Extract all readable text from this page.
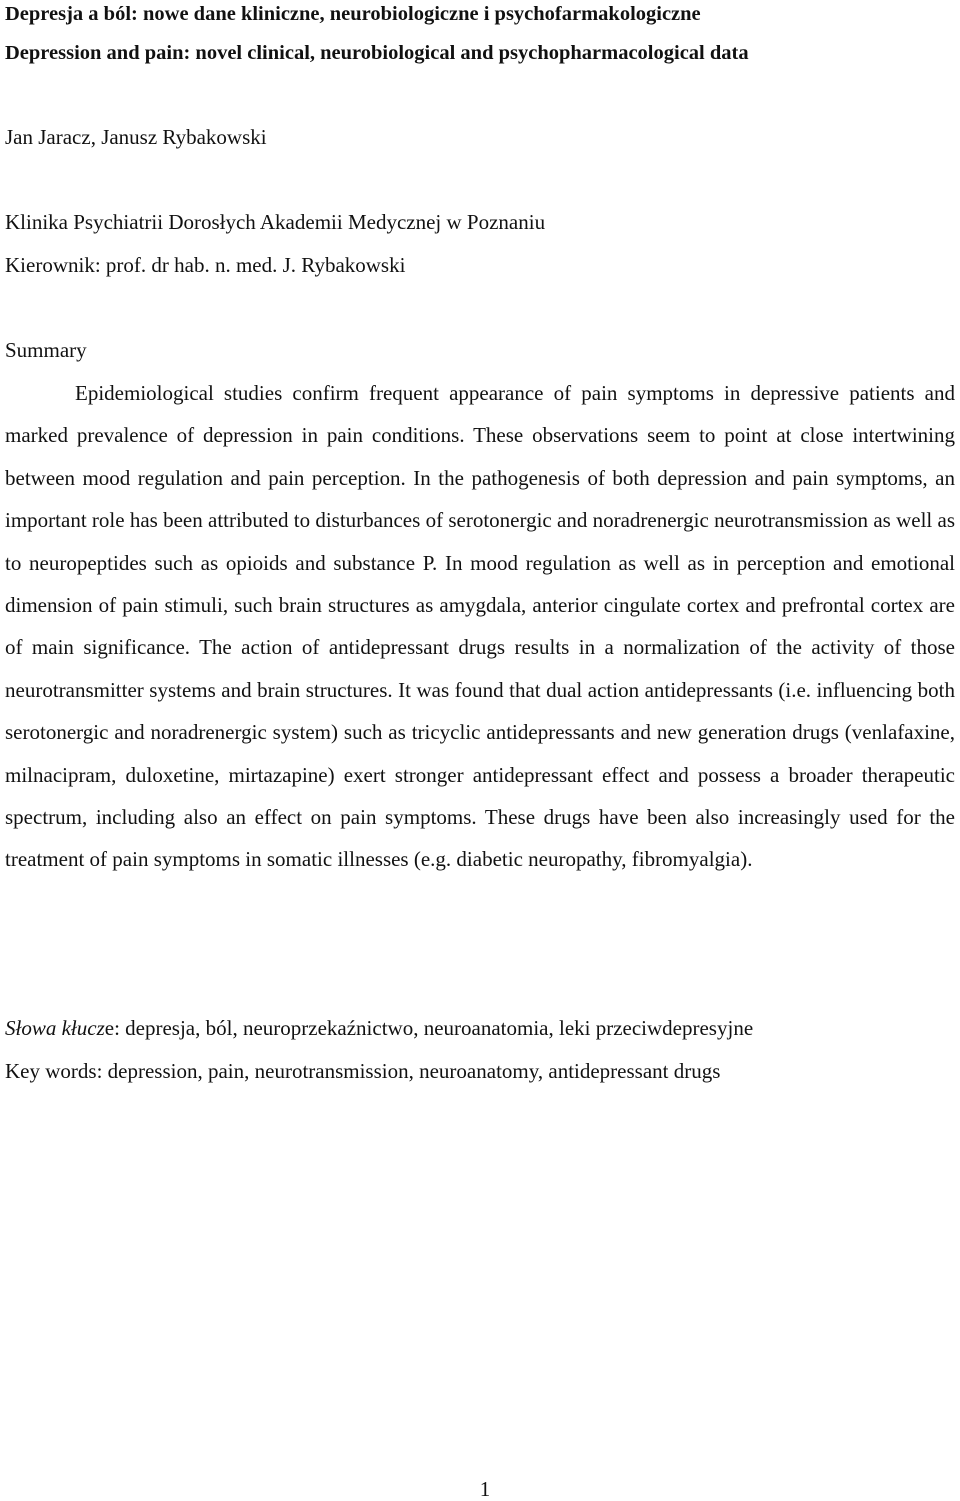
Depresja a ból: nowe dane kliniczne, neurobiologiczne i psychofarmakologiczne
Depression and pain: novel clinical, neurobiological and psychopharmacological data
Jan Jaracz, Janusz Rybakowski
Klinika Psychiatrii Dorosłych Akademii Medycznej w Poznaniu
Kierownik: prof. dr hab. n. med. J. Rybakowski
Summary

Epidemiological studies confirm frequent appearance of pain symptoms in depressive patients and marked prevalence of depression in pain conditions. These observations seem to point at close intertwining between mood regulation and pain perception. In the pathogenesis of both depression and pain symptoms, an important role has been attributed to disturbances of serotonergic and noradrenergic neurotransmission as well as to neuropeptides such as opioids and substance P. In mood regulation as well as in perception and emotional dimension of pain stimuli, such brain structures as amygdala, anterior cingulate cortex and prefrontal cortex are of main significance. The action of antidepressant drugs results in a normalization of the activity of those neurotransmitter systems and brain structures. It was found that dual action antidepressants (i.e. influencing both serotonergic and noradrenergic system) such as tricyclic antidepressants and new generation drugs (venlafaxine, milnacipram, duloxetine, mirtazapine) exert stronger antidepressant effect and possess a broader therapeutic spectrum, including also an effect on pain symptoms. These drugs have been also increasingly used for the treatment of pain symptoms in somatic illnesses (e.g. diabetic neuropathy, fibromyalgia).

Słowa kłucze: depresja, ból, neuroprzekaźnictwo, neuroanatomia, leki przeciwdepresyjne
Key words: depression, pain, neurotransmission, neuroanatomy, antidepressant drugs
1
